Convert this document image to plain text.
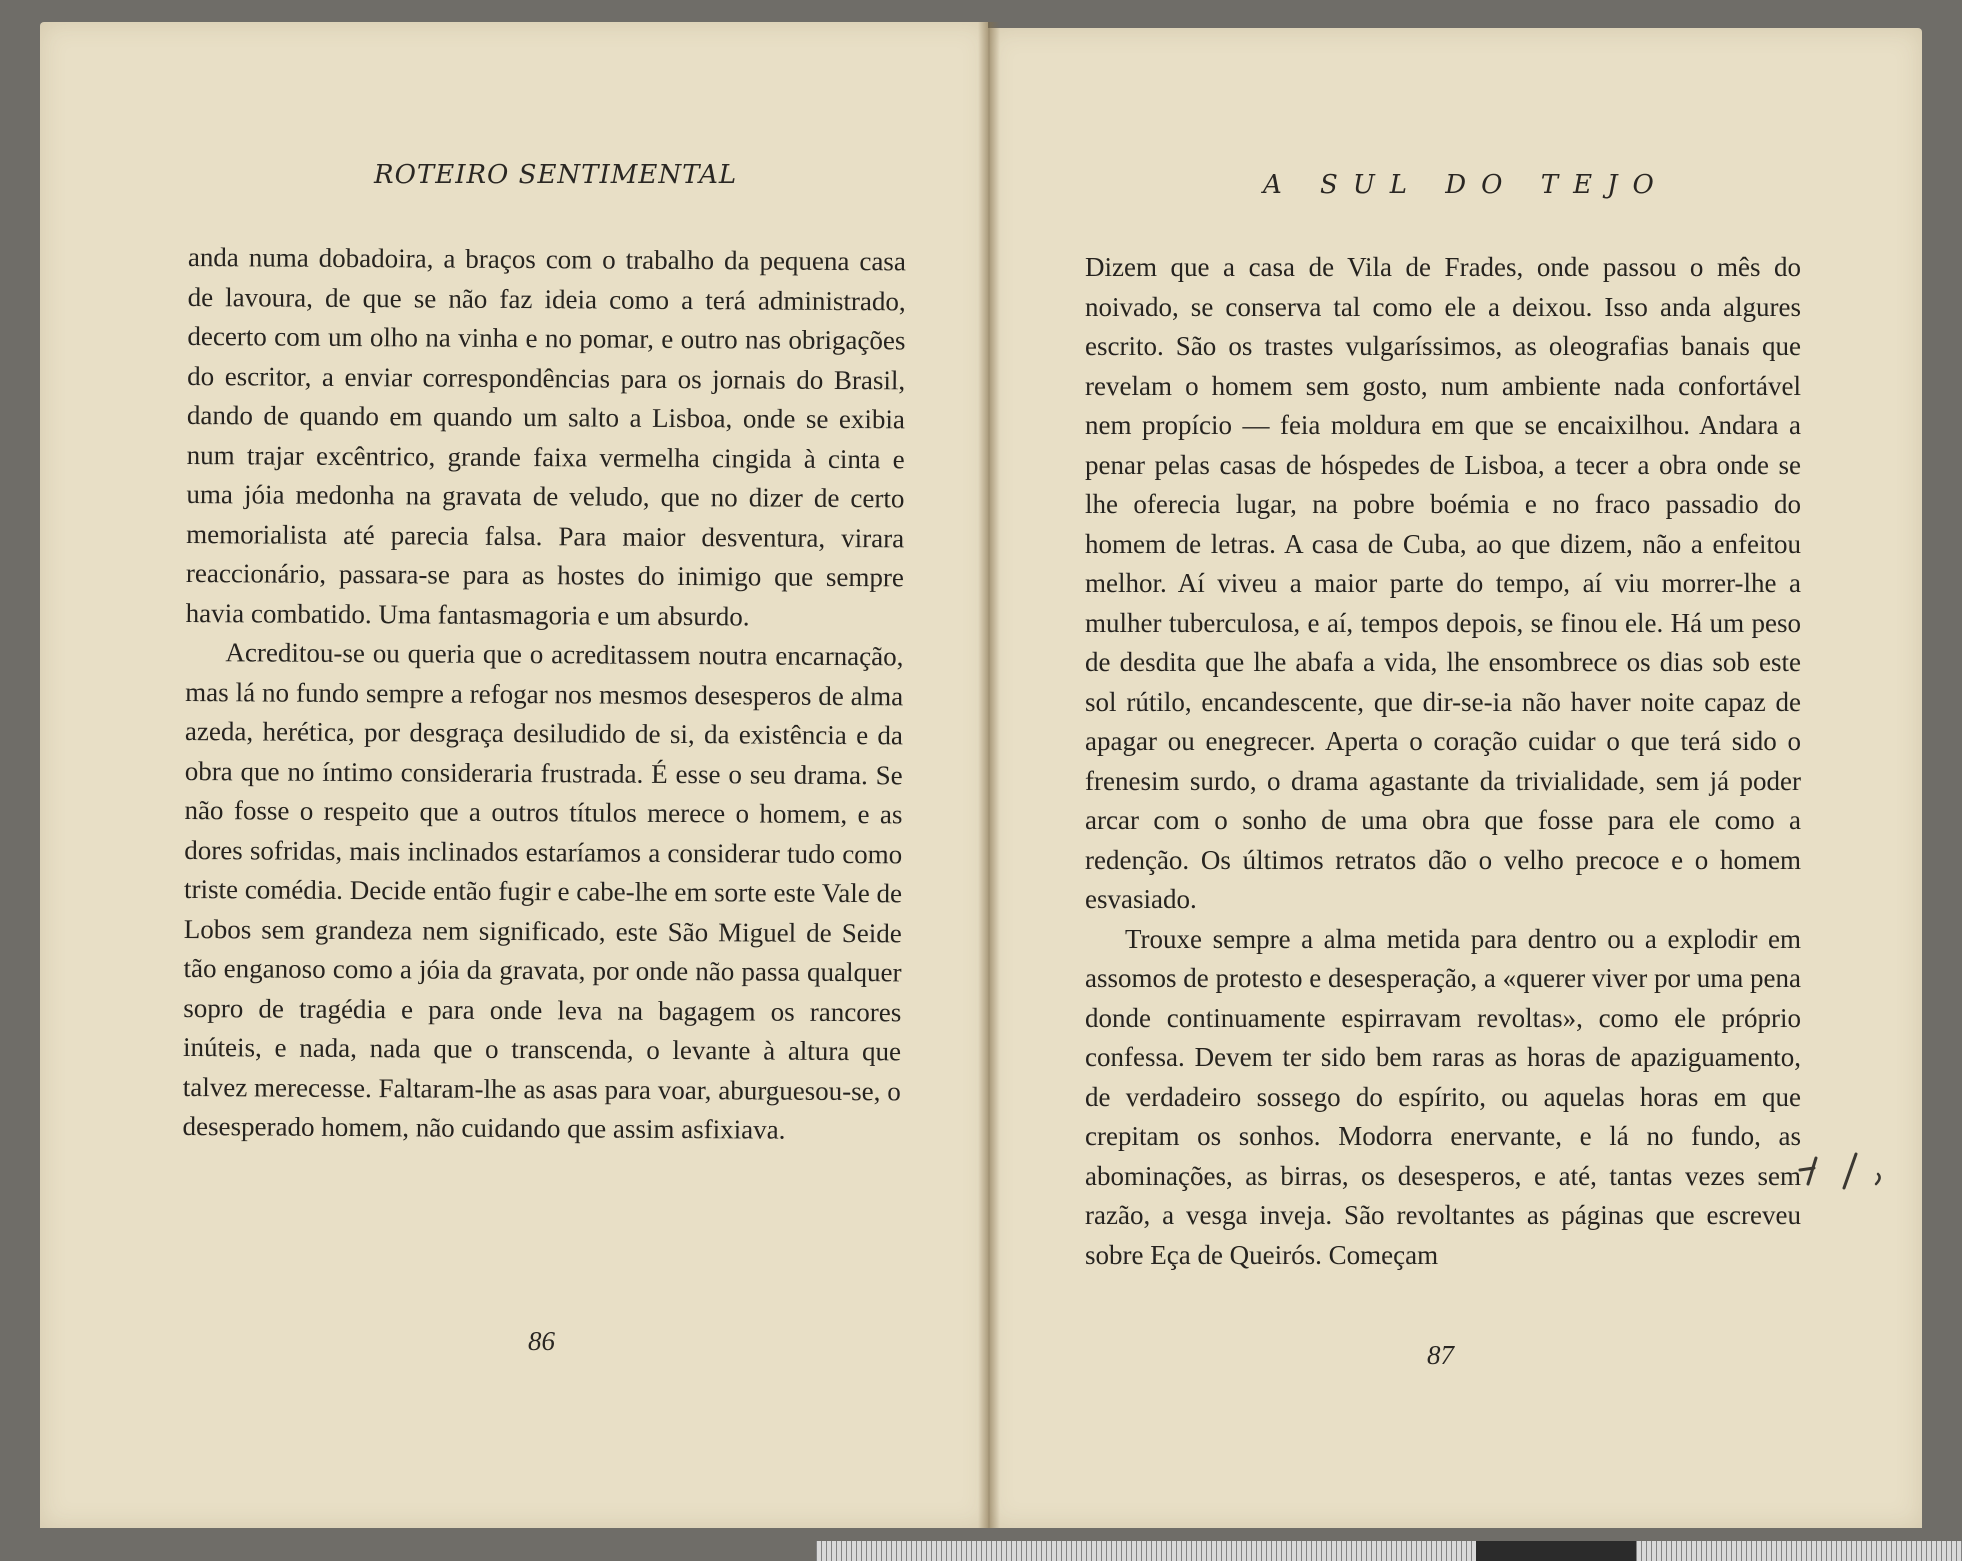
ROTEIRO SENTIMENTAL	A SUL DO TEJO

anda numa dobadoira, a braços com o trabalho da pequena casa de lavoura, de que se não faz ideia como a terá administrado, decerto com um olho na vinha e no pomar, e outro nas obrigações do escritor, a enviar correspondências para os jornais do Brasil, dando de quando em quando um salto a Lisboa, onde se exibia num trajar excêntrico, grande faixa vermelha cingida à cinta e uma jóia medonha na gravata de veludo, que no dizer de certo memorialista até parecia falsa. Para maior desventura, virara reaccionário, passara-se para as hostes do inimigo que sempre havia combatido. Uma fantasmagoria e um absurdo.

Acreditou-se ou queria que o acreditassem noutra encarnação, mas lá no fundo sempre a refogar nos mesmos desesperos de alma azeda, herética, por desgraça desiludido de si, da existência e da obra que no íntimo consideraria frustrada. É esse o seu drama. Se não fosse o respeito que a outros títulos merece o homem, e as dores sofridas, mais inclinados estaríamos a considerar tudo como triste comédia. Decide então fugir e cabe-lhe em sorte este Vale de Lobos sem grandeza nem significado, este São Miguel de Seide tão enganoso como a jóia da gravata, por onde não passa qualquer sopro de tragédia e para onde leva na bagagem os rancores inúteis, e nada, nada que o transcenda, o levante à altura que talvez merecesse. Faltaram-lhe as asas para voar, aburguesou-se, o desesperado homem, não cuidando que assim asfixiava.

Dizem que a casa de Vila de Frades, onde passou o mês do noivado, se conserva tal como ele a deixou. Isso anda algures escrito. São os trastes vulgaríssimos, as oleografias banais que revelam o homem sem gosto, num ambiente nada confortável nem propício — feia moldura em que se encaixilhou. Andara a penar pelas casas de hóspedes de Lisboa, a tecer a obra onde se lhe oferecia lugar, na pobre boémia e no fraco passadio do homem de letras. A casa de Cuba, ao que dizem, não a enfeitou melhor. Aí viveu a maior parte do tempo, aí viu morrer-lhe a mulher tuberculosa, e aí, tempos depois, se finou ele. Há um peso de desdita que lhe abafa a vida, lhe ensombrece os dias sob este sol rútilo, encandescente, que dir-se-ia não haver noite capaz de apagar ou enegrecer. Aperta o coração cuidar o que terá sido o frenesim surdo, o drama agastante da trivialidade, sem já poder arcar com o sonho de uma obra que fosse para ele como a redenção. Os últimos retratos dão o velho precoce e o homem esvasiado.

Trouxe sempre a alma metida para dentro ou a explodir em assomos de protesto e desesperação, a «querer viver por uma pena donde continuamente espirravam revoltas», como ele próprio confessa. Devem ter sido bem raras as horas de apaziguamento, de verdadeiro sossego do espírito, ou aquelas horas em que crepitam os sonhos. Modorra enervante, e lá no fundo, as abominações, as birras, os desesperos, e até, tantas vezes sem razão, a vesga inveja. São revoltantes as páginas que escreveu sobre Eça de Queirós. Começam

86	87
